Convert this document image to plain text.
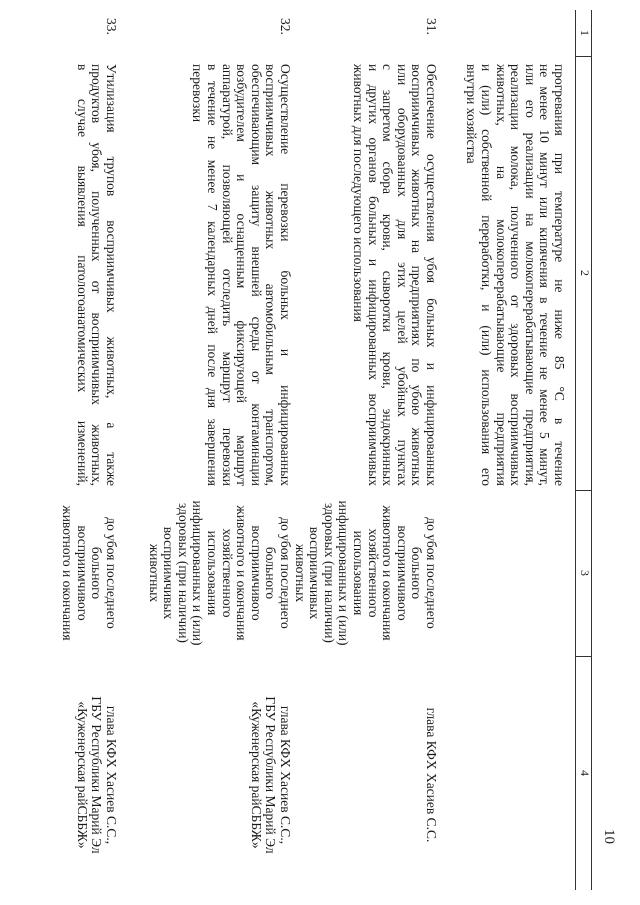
10
1
2
3
4
прогревания при температуре не ниже 85 °С в течение
не менее 10 минут или кипячения в течение не менее 5 минут,
или его реализации на молокоперерабатывающие предприятия,
реализации молока, полученного от здоровых восприимчивых
животных, на молокоперерабатывающие предприятия
и (или) собственной переработки, и (или) использования его
внутри хозяйства
31.
Обеспечение осуществления убоя больных и инфицированных
восприимчивых животных на предприятиях по убою животных
или оборудованных для этих целей убойных пунктах
с запретом сбора крови, сыворотки крови, эндокринных
и других органов больных и инфицированных восприимчивых
животных для последующего использования
до убоя последнего
больного восприимчивого
животного и окончания
хозяйственного
использования
инфицированных и (или)
здоровых (при наличии)
восприимчивых животных
глава КФХ Хасиев С.С.
32.
Осуществление перевозки больных и инфицированных
восприимчивых животных автомобильным транспортом,
обеспечивающим защиту внешней среды от контаминации
возбудителем и оснащенным фиксирующей маршрут
аппаратурой, позволяющей отследить маршрут перевозки
в течение не менее 7 календарных дней после дня завершения
перевозки
до убоя последнего
больного восприимчивого
животного и окончания
хозяйственного
использования
инфицированных и (или)
здоровых (при наличии)
восприимчивых животных
глава КФХ Хасиев С.С.,
ГБУ Республики Марий Эл
«Куженерская райСББЖ»
33.
Утилизация трупов восприимчивых животных, а также
продуктов убоя, полученных от восприимчивых животных,
в случае выявления патологоанатомических изменений,
до убоя последнего
больного восприимчивого
животного и окончания
глава КФХ Хасиев С.С.,
ГБУ Республики Марий Эл
«Куженерская райСББЖ»
